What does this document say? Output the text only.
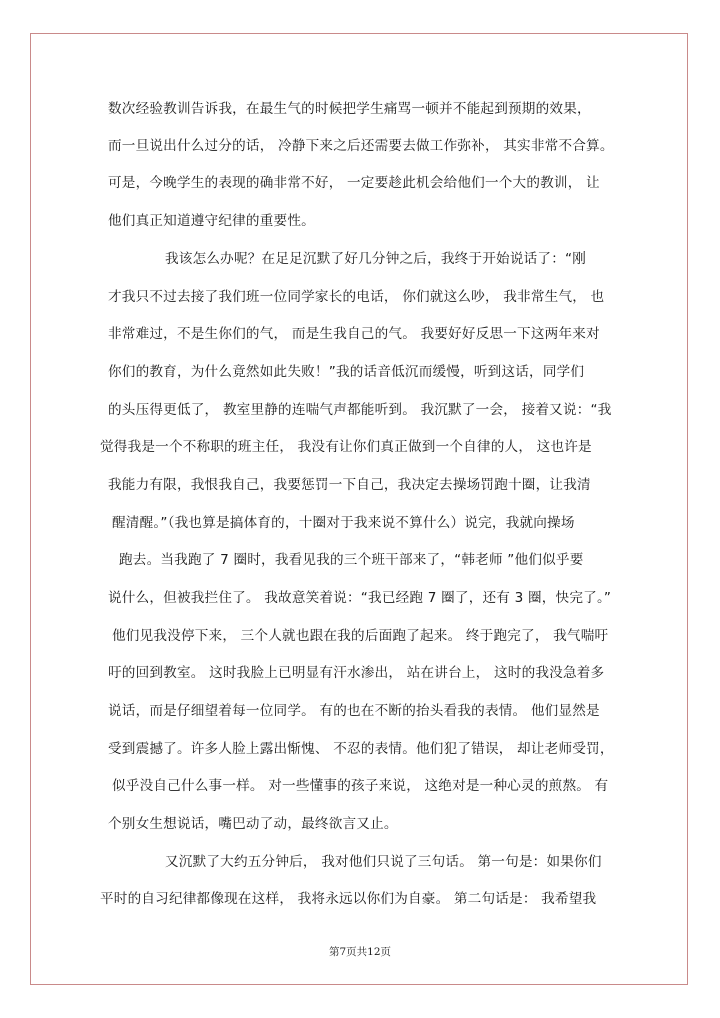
数次经验教训告诉我，在最生气的时候把学生痛骂一顿并不能起到预期的效果，
而一旦说出什么过分的话， 冷静下来之后还需要去做工作弥补， 其实非常不合算。
可是，今晚学生的表现的确非常不好， 一定要趁此机会给他们一个大的教训， 让
他们真正知道遵守纪律的重要性。
我该怎么办呢？在足足沉默了好几分钟之后，我终于开始说话了：“刚
才我只不过去接了我们班一位同学家长的电话， 你们就这么吵， 我非常生气， 也
非常难过，不是生你们的气， 而是生我自己的气。 我要好好反思一下这两年来对
你们的教育，为什么竟然如此失败！”我的话音低沉而缓慢，听到这话，同学们
的头压得更低了， 教室里静的连喘气声都能听到。 我沉默了一会， 接着又说：“我
觉得我是一个不称职的班主任， 我没有让你们真正做到一个自律的人， 这也许是
我能力有限，我恨我自己，我要惩罚一下自己，我决定去操场罚跑十圈，让我清
醒清醒。”（我也算是搞体育的，十圈对于我来说不算什么）说完，我就向操场
跑去。当我跑了 7 圈时，我看见我的三个班干部来了，“韩老师 ”他们似乎要
说什么，但被我拦住了。 我故意笑着说：“我已经跑 7 圈了，还有 3 圈，快完了。”
他们见我没停下来， 三个人就也跟在我的后面跑了起来。 终于跑完了， 我气喘吁
吁的回到教室。 这时我脸上已明显有汗水渗出， 站在讲台上， 这时的我没急着多
说话，而是仔细望着每一位同学。 有的也在不断的抬头看我的表情。 他们显然是
受到震撼了。许多人脸上露出惭愧、 不忍的表情。他们犯了错误， 却让老师受罚，
似乎没自己什么事一样。 对一些懂事的孩子来说， 这绝对是一种心灵的煎熬。 有
个别女生想说话，嘴巴动了动，最终欲言又止。
又沉默了大约五分钟后， 我对他们只说了三句话。 第一句是：如果你们
平时的自习纪律都像现在这样， 我将永远以你们为自豪。 第二句话是： 我希望我
第7页共12页
